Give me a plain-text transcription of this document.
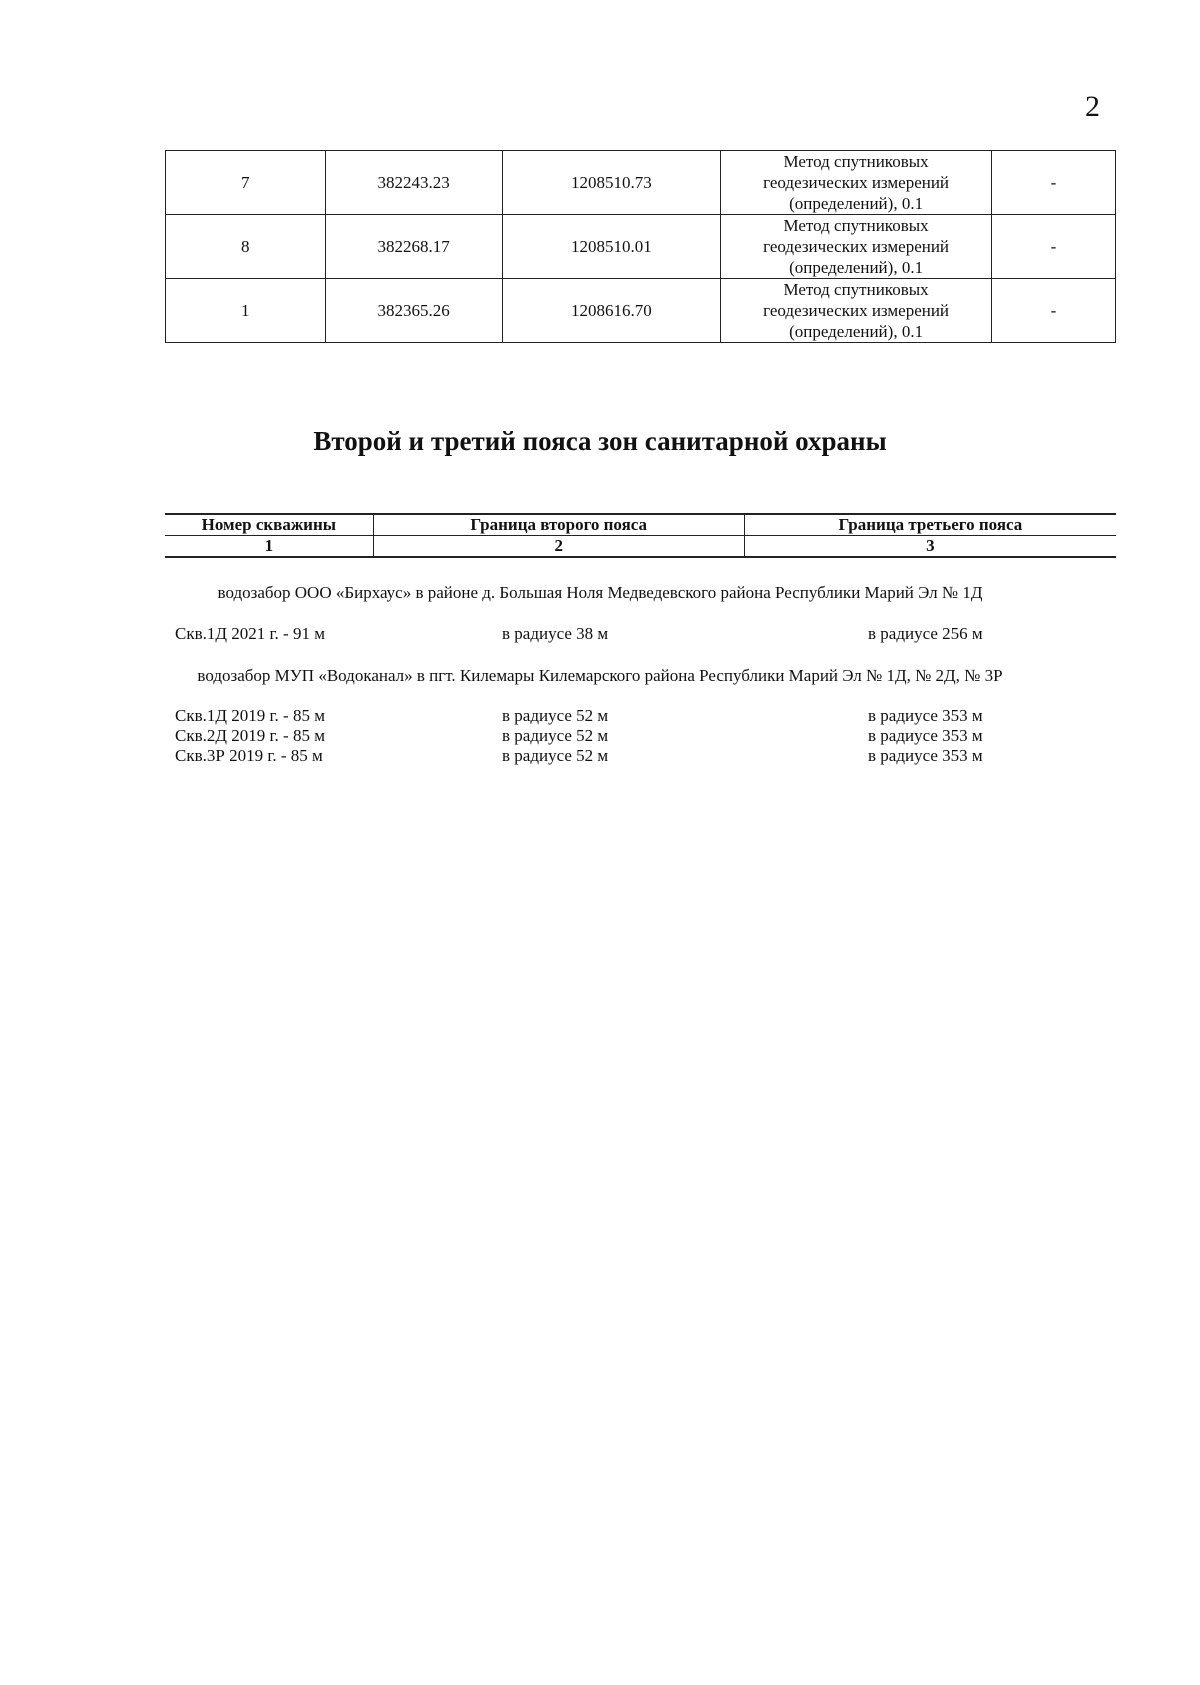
2
7	382243.23	1208510.73	Метод спутниковых
геодезических измерений
(определений), 0.1	-
8	382268.17	1208510.01	Метод спутниковых
геодезических измерений
(определений), 0.1	-
1	382365.26	1208616.70	Метод спутниковых
геодезических измерений
(определений), 0.1	-
Второй и третий пояса зон санитарной охраны
Номер скважины	Граница второго пояса	Граница третьего пояса
1	2	3
водозабор ООО «Бирхаус» в районе д. Большая Ноля Медведевского района Республики Марий Эл № 1Д
Скв.1Д 2021 г. - 91 м	в радиусе 38 м	в радиусе 256 м
водозабор МУП «Водоканал» в пгт. Килемары Килемарского района Республики Марий Эл № 1Д, № 2Д, № 3Р
Скв.1Д 2019 г. - 85 м	в радиусе 52 м	в радиусе 353 м
Скв.2Д 2019 г. - 85 м	в радиусе 52 м	в радиусе 353 м
Скв.3Р 2019 г. - 85 м	в радиусе 52 м	в радиусе 353 м
